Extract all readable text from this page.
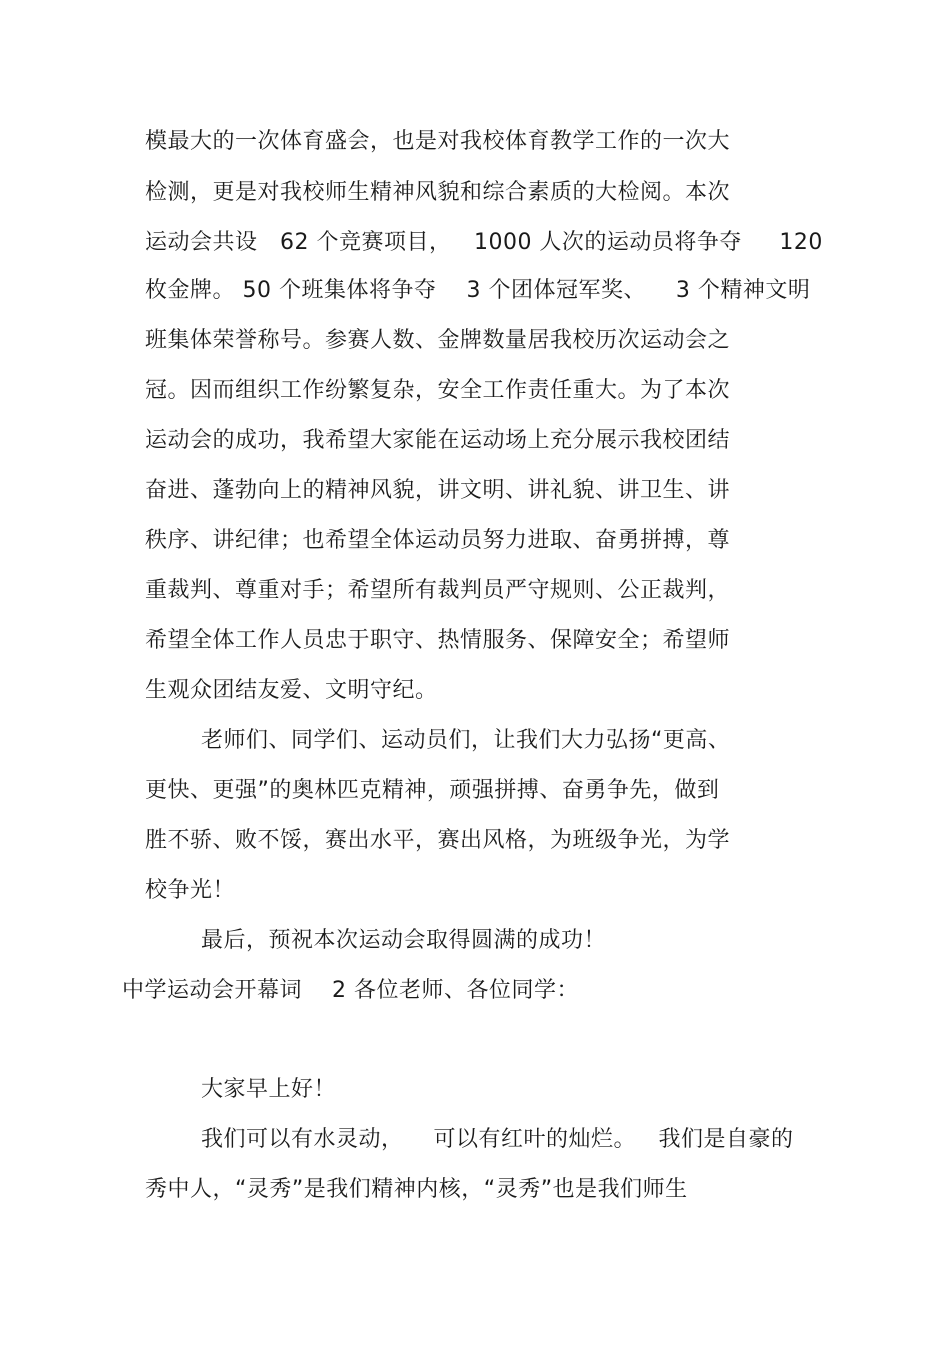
模最大的一次体育盛会，也是对我校体育教学工作的一次大
检测，更是对我校师生精神风貌和综合素质的大检阅。本次
运动会共设   62 个竞赛项目，   1000 人次的运动员将争夺     120
枚金牌。 50 个班集体将争夺    3 个团体冠军奖、    3 个精神文明
班集体荣誉称号。参赛人数、金牌数量居我校历次运动会之
冠。因而组织工作纷繁复杂，安全工作责任重大。为了本次
运动会的成功，我希望大家能在运动场上充分展示我校团结
奋进、蓬勃向上的精神风貌，讲文明、讲礼貌、讲卫生、讲
秩序、讲纪律；也希望全体运动员努力进取、奋勇拼搏，尊
重裁判、尊重对手；希望所有裁判员严守规则、公正裁判，
希望全体工作人员忠于职守、热情服务、保障安全；希望师
生观众团结友爱、文明守纪。
老师们、同学们、运动员们，让我们大力弘扬“更高、
更快、更强”的奥林匹克精神，顽强拼搏、奋勇争先，做到
胜不骄、败不馁，赛出水平，赛出风格，为班级争光，为学
校争光！
最后，预祝本次运动会取得圆满的成功！
中学运动会开幕词    2 各位老师、各位同学：
大家早上好！
我们可以有水灵动，    可以有红叶的灿烂。   我们是自豪的
秀中人，“灵秀”是我们精神内核，“灵秀”也是我们师生
